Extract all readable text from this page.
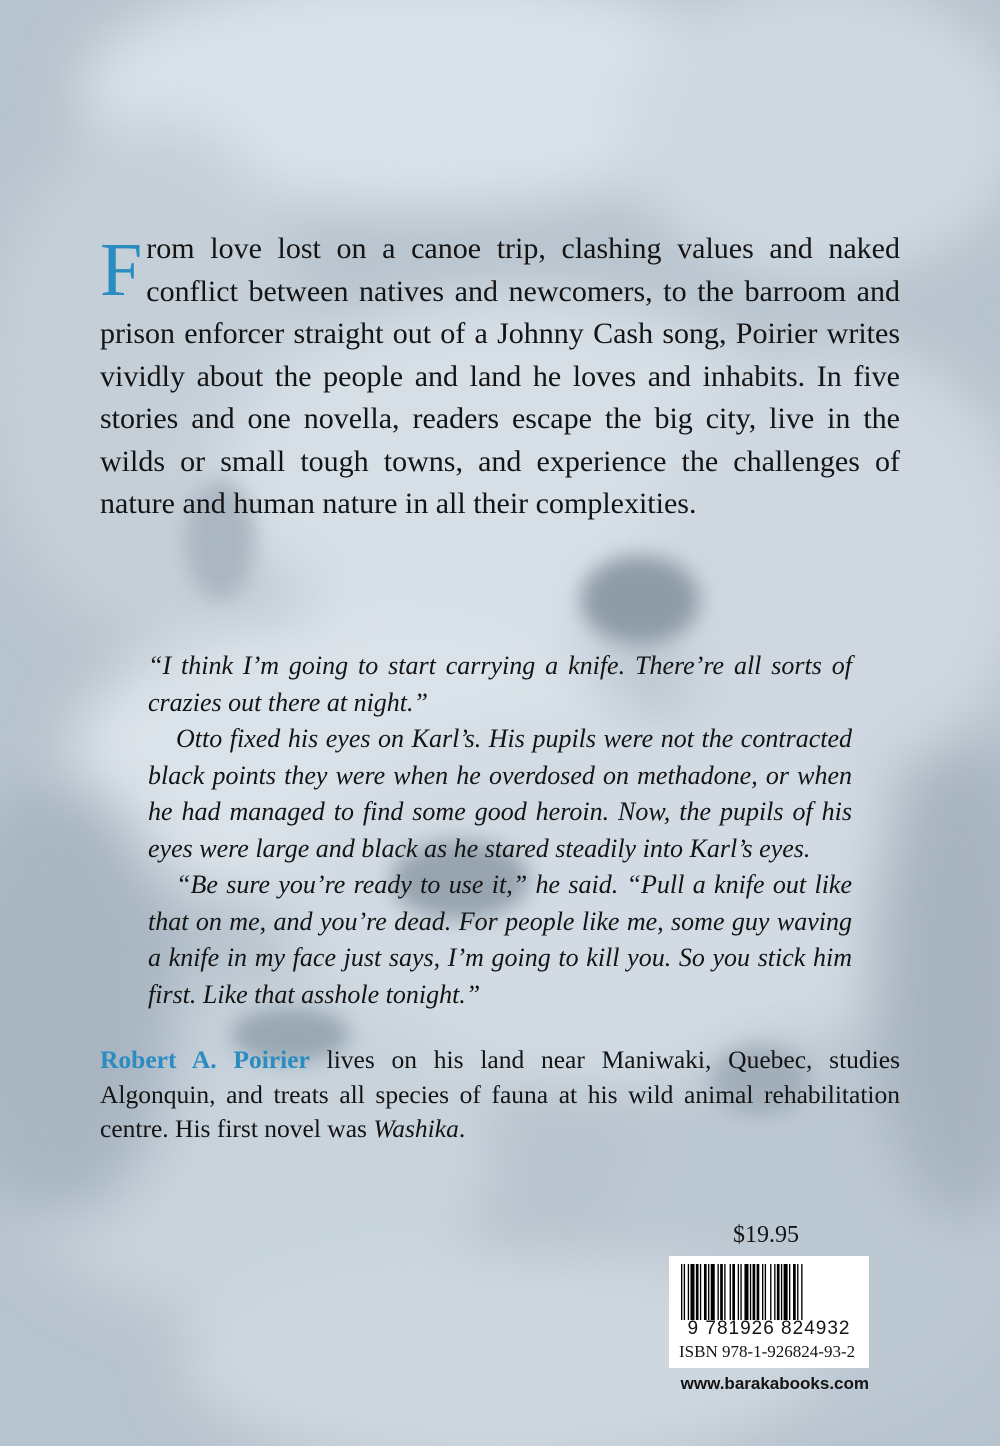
From love lost on a canoe trip, clashing values and naked conflict between natives and newcomers, to the barroom and prison enforcer straight out of a Johnny Cash song, Poirier writes vividly about the people and land he loves and inhabits. In five stories and one novella, readers escape the big city, live in the wilds or small tough towns, and experience the challenges of nature and human nature in all their complexities.

“I think I’m going to start carrying a knife. There’re all sorts of crazies out there at night.”

Otto fixed his eyes on Karl’s. His pupils were not the contracted black points they were when he overdosed on methadone, or when he had managed to find some good heroin. Now, the pupils of his eyes were large and black as he stared steadily into Karl’s eyes.

“Be sure you’re ready to use it,” he said. “Pull a knife out like that on me, and you’re dead. For people like me, some guy waving a knife in my face just says, I’m going to kill you. So you stick him first. Like that asshole tonight.”

Robert A. Poirier lives on his land near Maniwaki, Quebec, studies Algonquin, and treats all species of fauna at his wild animal rehabilitation centre. His first novel was Washika.

$19.95
9 781926 824932
ISBN 978-1-926824-93-2
www.barakabooks.com
